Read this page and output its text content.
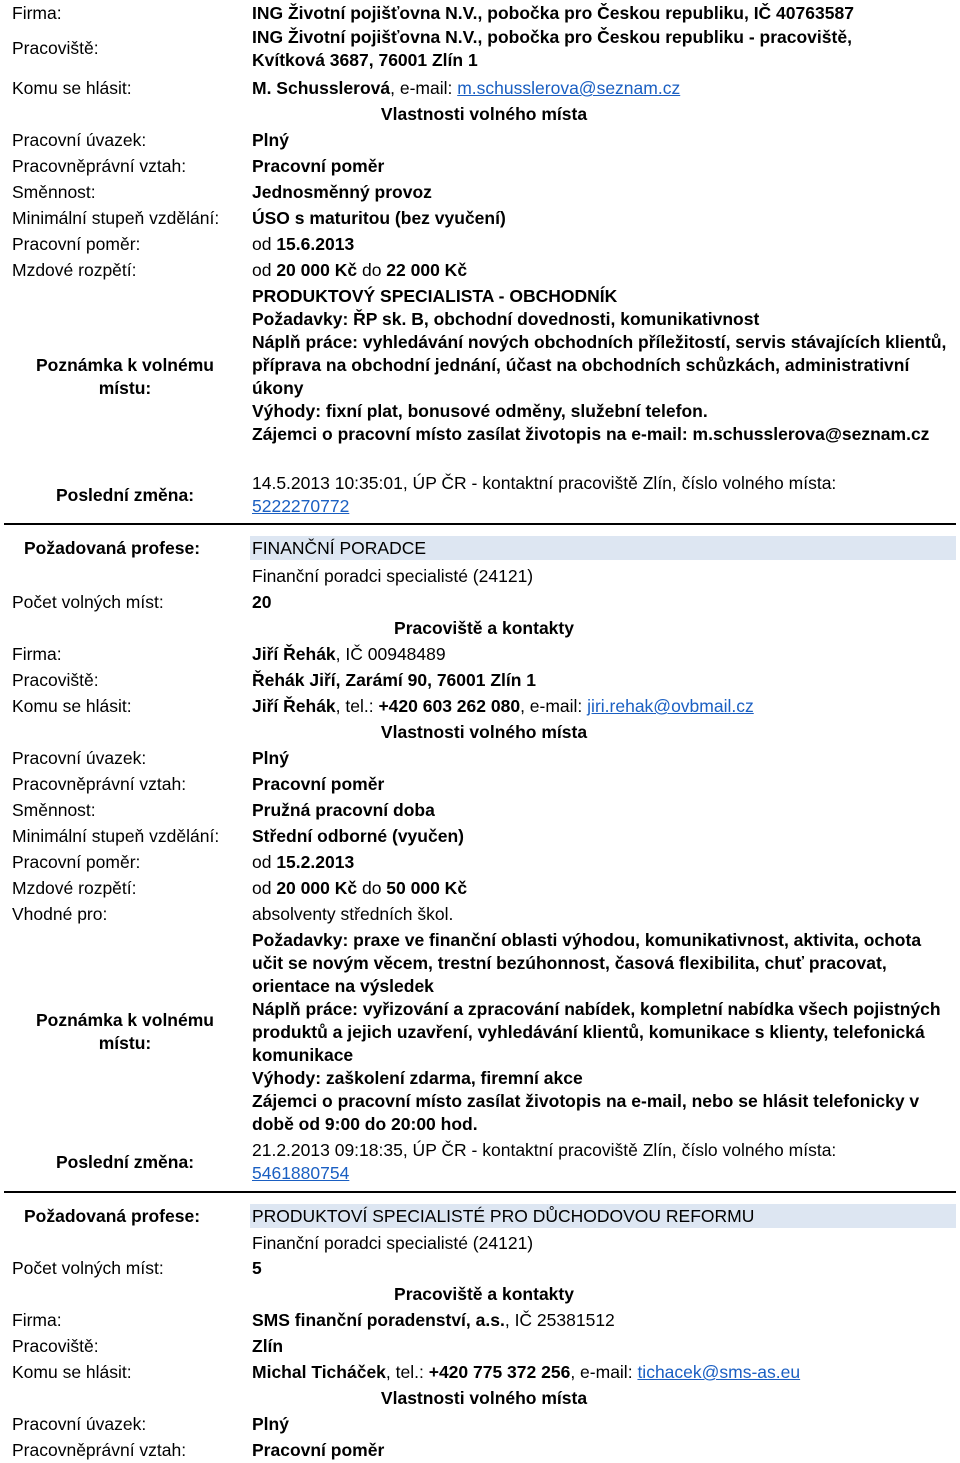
Firma:	ING Životní pojišťovna N.V., pobočka pro Českou republiku, IČ 40763587
Pracoviště:
ING Životní pojišťovna N.V., pobočka pro Českou republiku - pracoviště,
Kvítková 3687, 76001 Zlín 1
Komu se hlásit:	M. Schusslerová, e-mail: m.schusslerova@seznam.cz
Vlastnosti volného místa
Pracovní úvazek:	Plný
Pracovněprávní vztah:	Pracovní poměr
Směnnost:	Jednosměnný provoz
Minimální stupeň vzdělání: ÚSO s maturitou (bez vyučení)
Pracovní poměr:	od 15.6.2013
Mzdové rozpětí:	od 20 000 Kč do 22 000 Kč
Poznámka k volnému místu:
PRODUKTOVÝ SPECIALISTA - OBCHODNÍK
Požadavky: ŘP sk. B, obchodní dovednosti, komunikativnost
Náplň práce: vyhledávání nových obchodních příležitostí, servis stávajících klientů, příprava na obchodní jednání, účast na obchodních schůzkách, administrativní úkony
Výhody: fixní plat, bonusové odměny, služební telefon.
Zájemci o pracovní místo zasílat životopis na e-mail: m.schusslerova@seznam.cz
Poslední změna:
14.5.2013 10:35:01, ÚP ČR - kontaktní pracoviště Zlín, číslo volného místa:
5222270772
Požadovaná profese:	FINANČNÍ PORADCE
Finanční poradci specialisté (24121)
Počet volných míst:	20
Pracoviště a kontakty
Firma:	Jiří Řehák, IČ 00948489
Pracoviště:	Řehák Jiří, Zarámí 90, 76001 Zlín 1
Komu se hlásit:	Jiří Řehák, tel.: +420 603 262 080, e-mail: jiri.rehak@ovbmail.cz
Vlastnosti volného místa
Pracovní úvazek:	Plný
Pracovněprávní vztah:	Pracovní poměr
Směnnost:	Pružná pracovní doba
Minimální stupeň vzdělání: Střední odborné (vyučen)
Pracovní poměr:	od 15.2.2013
Mzdové rozpětí:	od 20 000 Kč do 50 000 Kč
Vhodné pro:	absolventy středních škol.
Poznámka k volnému místu:
Požadavky: praxe ve finanční oblasti výhodou, komunikativnost, aktivita, ochota učit se novým věcem, trestní bezúhonnost, časová flexibilita, chuť pracovat, orientace na výsledek
Náplň práce: vyřizování a zpracování nabídek, kompletní nabídka všech pojistných produktů a jejich uzavření, vyhledávání klientů, komunikace s klienty, telefonická komunikace
Výhody: zaškolení zdarma, firemní akce
Zájemci o pracovní místo zasílat životopis na e-mail, nebo se hlásit telefonicky v době od 9:00 do 20:00 hod.
Poslední změna:
21.2.2013 09:18:35, ÚP ČR - kontaktní pracoviště Zlín, číslo volného místa:
5461880754
Požadovaná profese:	PRODUKTOVÍ SPECIALISTÉ PRO DŮCHODOVOU REFORMU
Finanční poradci specialisté (24121)
Počet volných míst:	5
Pracoviště a kontakty
Firma:	SMS finanční poradenství, a.s., IČ 25381512
Pracoviště:	Zlín
Komu se hlásit:	Michal Ticháček, tel.: +420 775 372 256, e-mail: tichacek@sms-as.eu
Vlastnosti volného místa
Pracovní úvazek:	Plný
Pracovněprávní vztah:	Pracovní poměr
